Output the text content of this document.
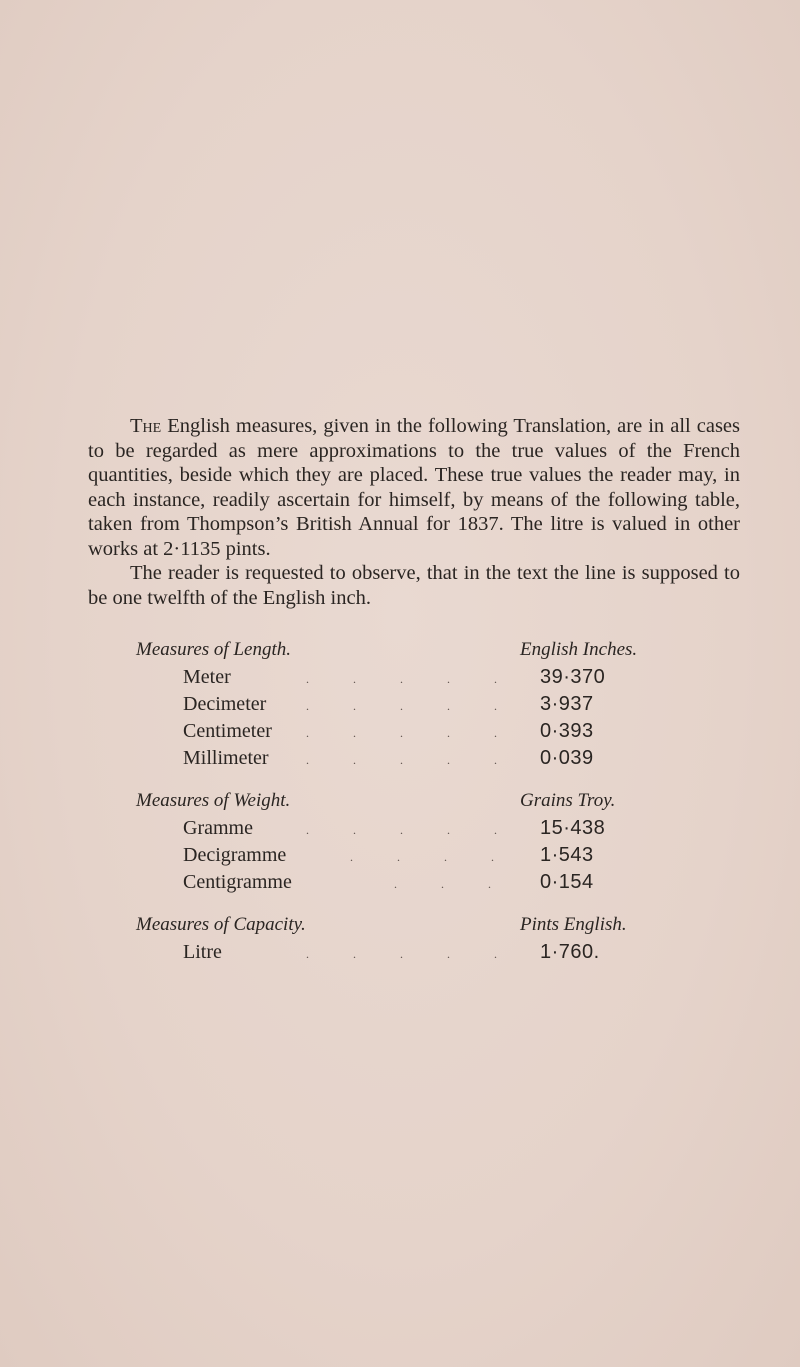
The English measures, given in the following Translation, are in all cases to be regarded as mere approximations to the true values of the French quantities, beside which they are placed. These true values the reader may, in each instance, readily ascertain for himself, by means of the following table, taken from Thompson’s British Annual for 1837. The litre is valued in other works at 2·1135 pints.

The reader is requested to observe, that in the text the line is supposed to be one twelfth of the English inch.

Measures of Length.	English Inches.
Meter	..... 39·370
Decimeter	..... 3·937
Centimeter	..... 0·393
Millimeter	..... 0·039
Measures of Weight.	Grains Troy.
Gramme	..... 15·438
Decigramme	.... 1·543
Centigramme	... 0·154
Measures of Capacity.	Pints English.
Litre	..... 1·760.
